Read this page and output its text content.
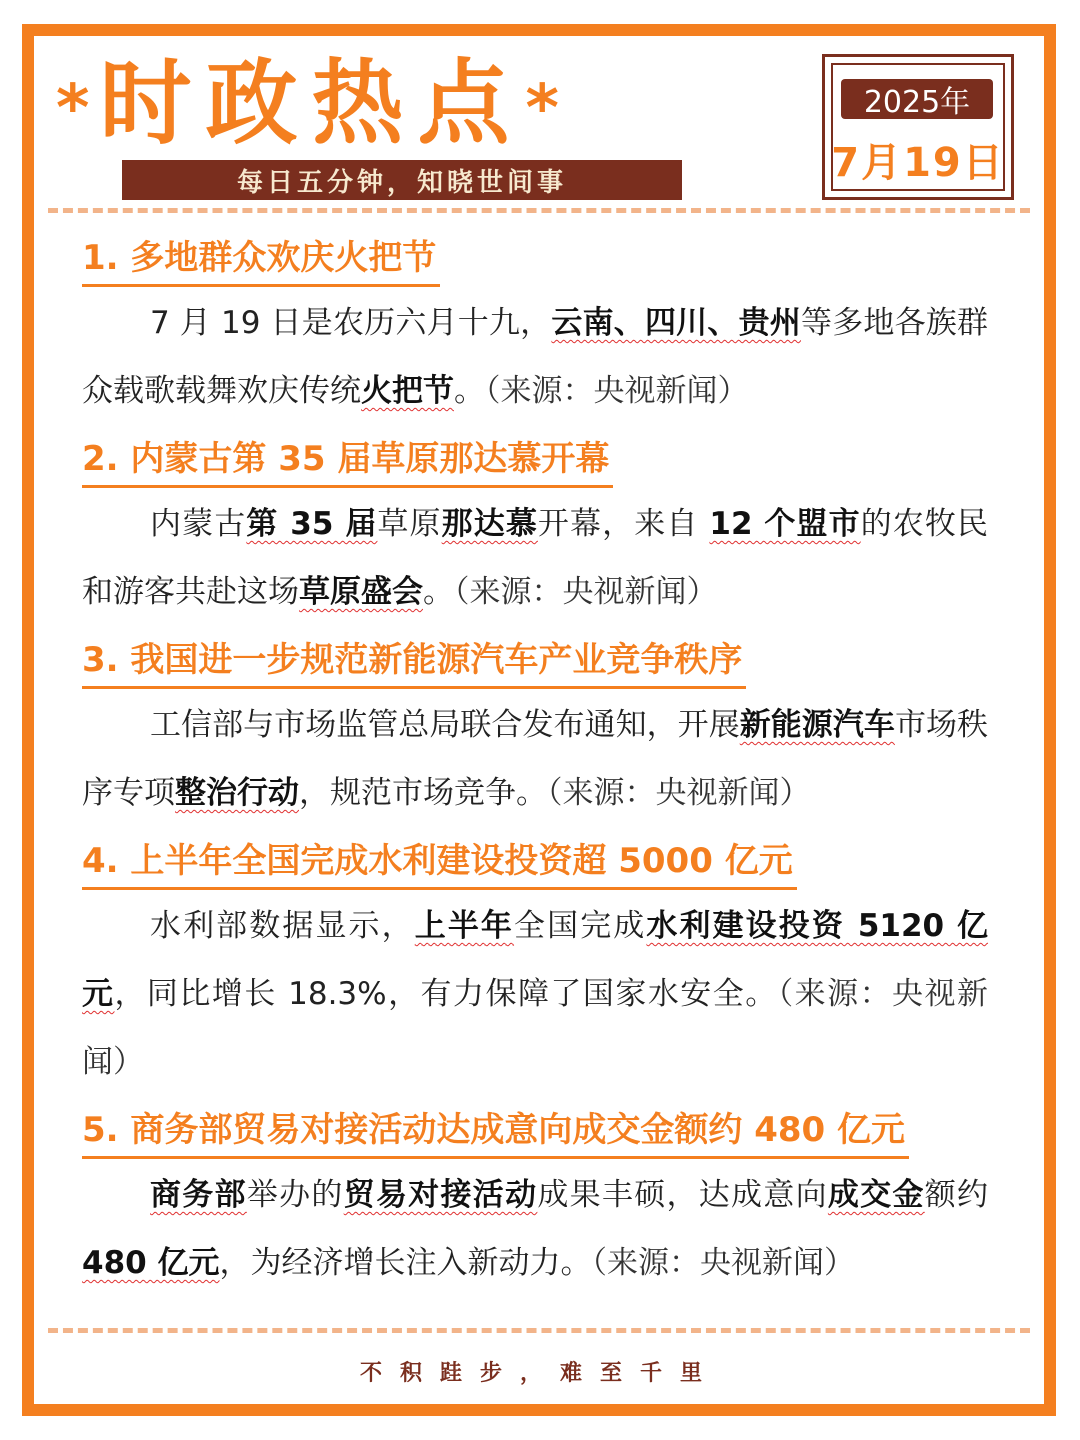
* 时政热点 *
每日五分钟，知晓世间事
2025年
7月19日
1. 多地群众欢庆火把节
7 月 19 日是农历六月十九，云南、四川、贵州等多地各族群众载歌载舞欢庆传统火把节。（来源：央视新闻）
2. 内蒙古第 35 届草原那达慕开幕
内蒙古第 35 届草原那达慕开幕，来自 12 个盟市的农牧民和游客共赴这场草原盛会。（来源：央视新闻）
3. 我国进一步规范新能源汽车产业竞争秩序
工信部与市场监管总局联合发布通知，开展新能源汽车市场秩序专项整治行动，规范市场竞争。（来源：央视新闻）
4. 上半年全国完成水利建设投资超 5000 亿元
水利部数据显示，上半年全国完成水利建设投资 5120 亿元，同比增长 18.3%，有力保障了国家水安全。（来源：央视新闻）
5. 商务部贸易对接活动达成意向成交金额约 480 亿元
商务部举办的贸易对接活动成果丰硕，达成意向成交金额约 480 亿元，为经济增长注入新动力。（来源：央视新闻）
不积跬步，难至千里
